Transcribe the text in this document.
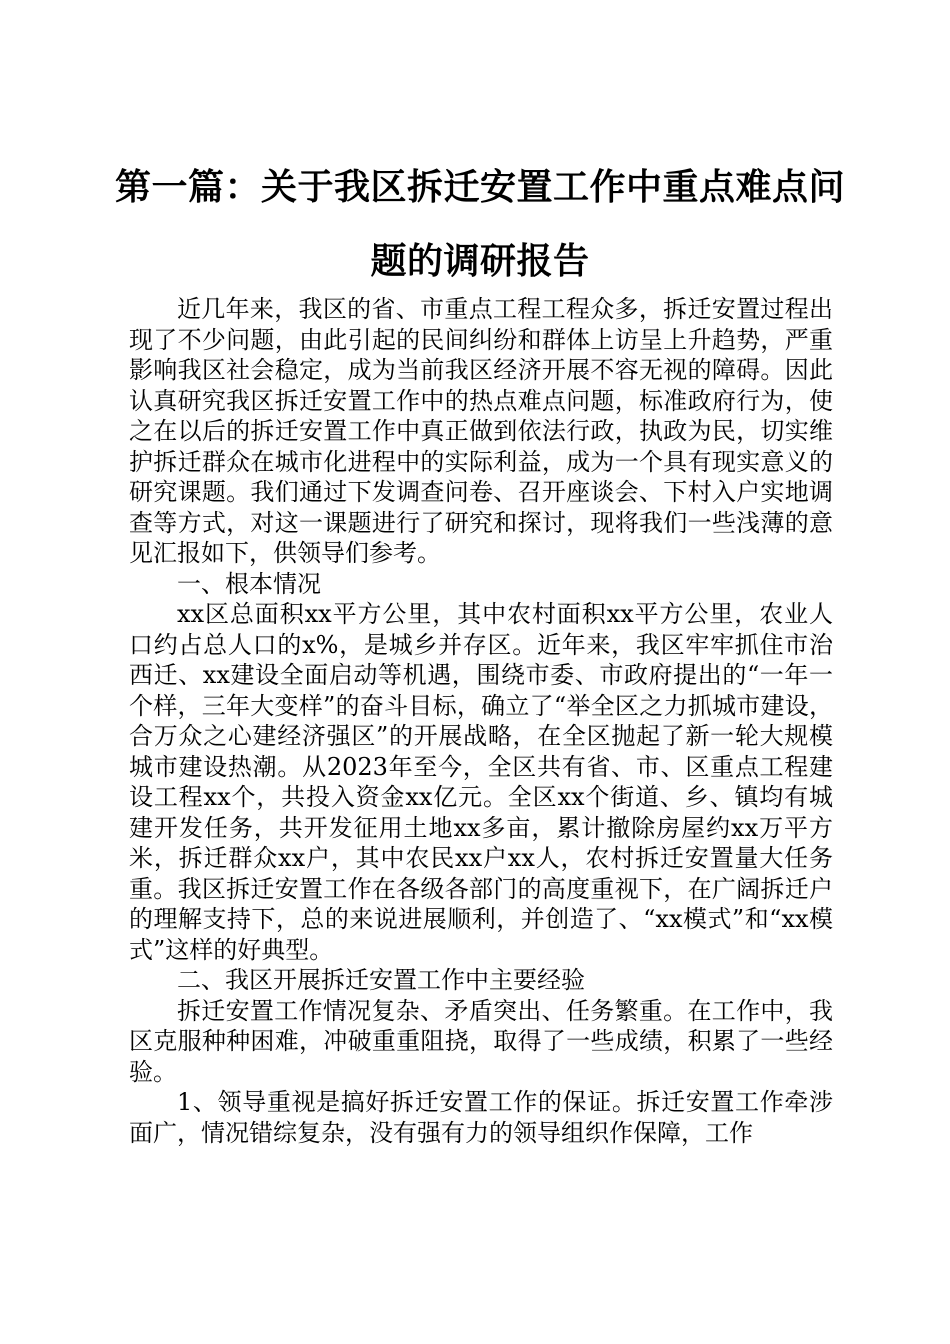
第一篇：关于我区拆迁安置工作中重点难点问
题的调研报告

近几年来，我区的省、市重点工程工程众多，拆迁安置过程出现了不少问题，由此引起的民间纠纷和群体上访呈上升趋势，严重影响我区社会稳定，成为当前我区经济开展不容无视的障碍。因此认真研究我区拆迁安置工作中的热点难点问题，标准政府行为，使之在以后的拆迁安置工作中真正做到依法行政，执政为民，切实维护拆迁群众在城市化进程中的实际利益，成为一个具有现实意义的研究课题。我们通过下发调查问卷、召开座谈会、下村入户实地调查等方式，对这一课题进行了研究和探讨，现将我们一些浅薄的意见汇报如下，供领导们参考。

一、根本情况

xx区总面积xx平方公里，其中农村面积xx平方公里，农业人口约占总人口的x%，是城乡并存区。近年来，我区牢牢抓住市治西迁、xx建设全面启动等机遇，围绕市委、市政府提出的“一年一个样，三年大变样”的奋斗目标，确立了“举全区之力抓城市建设，合万众之心建经济强区”的开展战略，在全区抛起了新一轮大规模城市建设热潮。从2023年至今，全区共有省、市、区重点工程建设工程xx个，共投入资金xx亿元。全区xx个街道、乡、镇均有城建开发任务，共开发征用土地xx多亩，累计撤除房屋约xx万平方米，拆迁群众xx户，其中农民xx户xx人，农村拆迁安置量大任务重。我区拆迁安置工作在各级各部门的高度重视下，在广阔拆迁户的理解支持下，总的来说进展顺利，并创造了、“xx模式”和“xx模式”这样的好典型。

二、我区开展拆迁安置工作中主要经验

拆迁安置工作情况复杂、矛盾突出、任务繁重。在工作中，我区克服种种困难，冲破重重阻挠，取得了一些成绩，积累了一些经验。

1、领导重视是搞好拆迁安置工作的保证。拆迁安置工作牵涉面广，情况错综复杂，没有强有力的领导组织作保障，工作
